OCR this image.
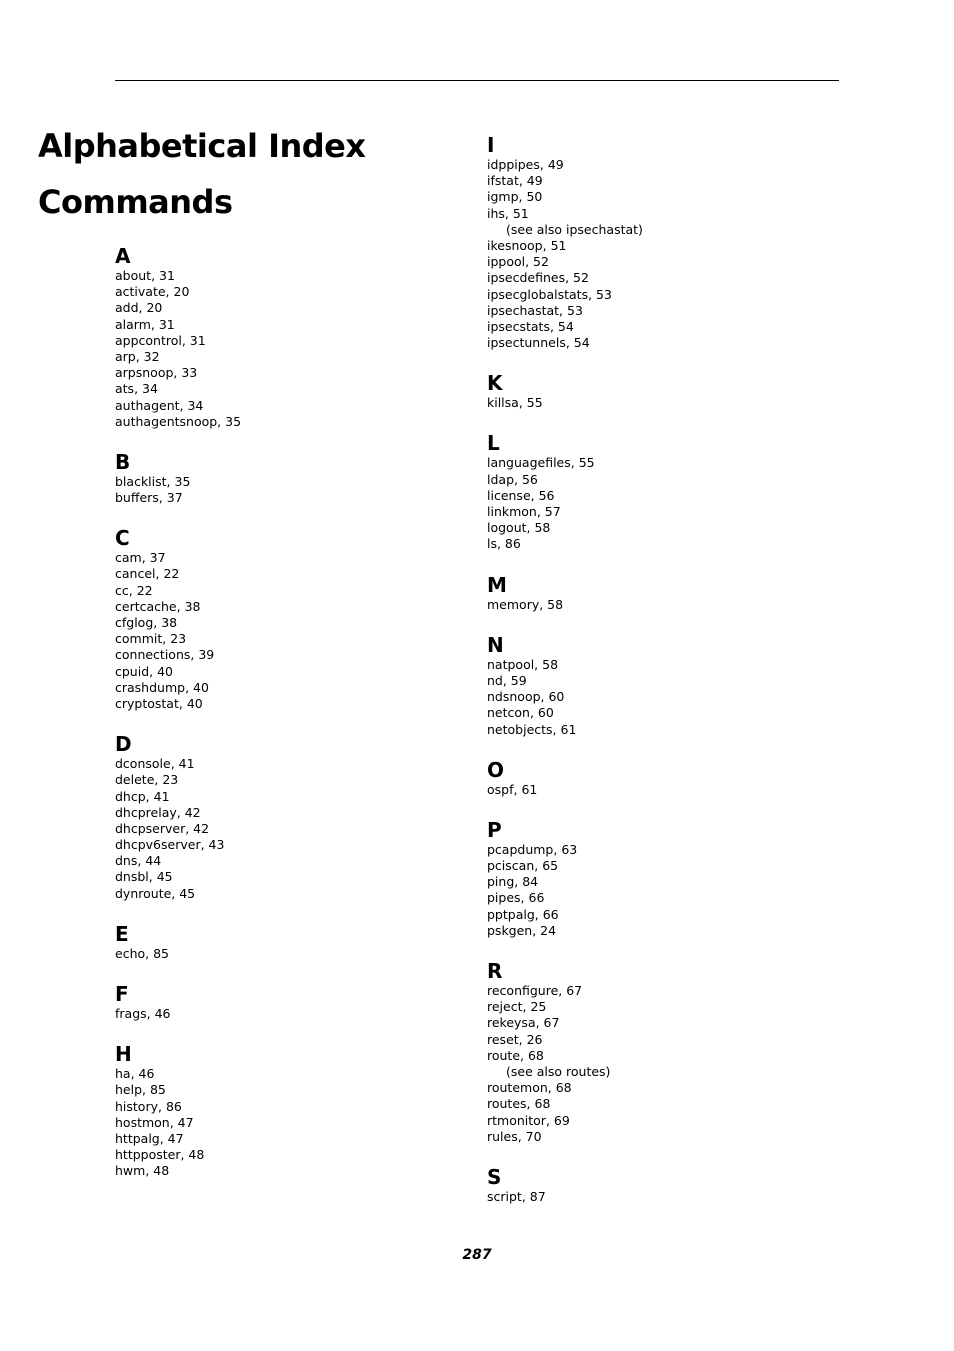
Alphabetical Index
Commands
A
about, 31
activate, 20
add, 20
alarm, 31
appcontrol, 31
arp, 32
arpsnoop, 33
ats, 34
authagent, 34
authagentsnoop, 35
B
blacklist, 35
buffers, 37
C
cam, 37
cancel, 22
cc, 22
certcache, 38
cfglog, 38
commit, 23
connections, 39
cpuid, 40
crashdump, 40
cryptostat, 40
D
dconsole, 41
delete, 23
dhcp, 41
dhcprelay, 42
dhcpserver, 42
dhcpv6server, 43
dns, 44
dnsbl, 45
dynroute, 45
E
echo, 85
F
frags, 46
H
ha, 46
help, 85
history, 86
hostmon, 47
httpalg, 47
httpposter, 48
hwm, 48
I
idppipes, 49
ifstat, 49
igmp, 50
ihs, 51
(see also ipsechastat)
ikesnoop, 51
ippool, 52
ipsecdefines, 52
ipsecglobalstats, 53
ipsechastat, 53
ipsecstats, 54
ipsectunnels, 54
K
killsa, 55
L
languagefiles, 55
ldap, 56
license, 56
linkmon, 57
logout, 58
ls, 86
M
memory, 58
N
natpool, 58
nd, 59
ndsnoop, 60
netcon, 60
netobjects, 61
O
ospf, 61
P
pcapdump, 63
pciscan, 65
ping, 84
pipes, 66
pptpalg, 66
pskgen, 24
R
reconfigure, 67
reject, 25
rekeysa, 67
reset, 26
route, 68
(see also routes)
routemon, 68
routes, 68
rtmonitor, 69
rules, 70
S
script, 87
287
